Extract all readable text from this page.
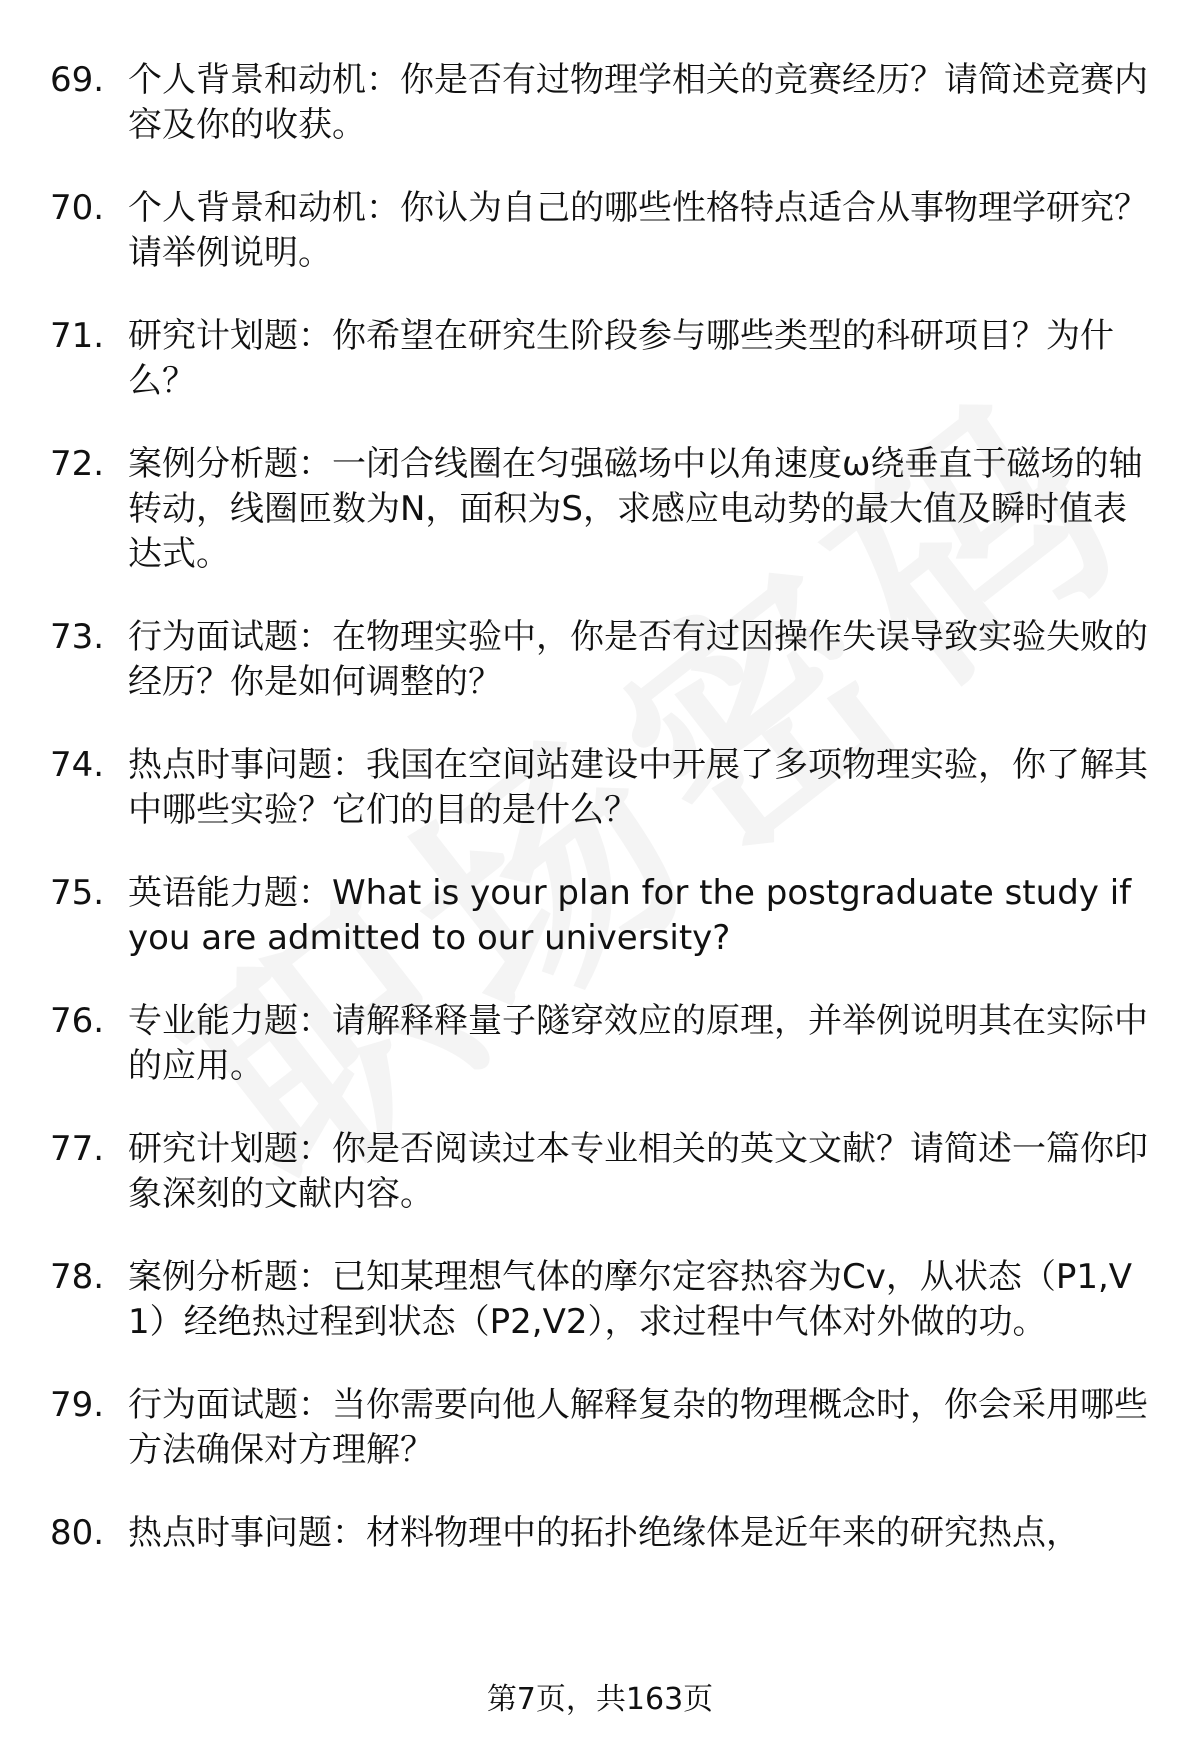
69. 个人背景和动机：你是否有过物理学相关的竞赛经历？请简述竞赛内容及你的收获。
70. 个人背景和动机：你认为自己的哪些性格特点适合从事物理学研究？请举例说明。
71. 研究计划题：你希望在研究生阶段参与哪些类型的科研项目？为什么？
72. 案例分析题：一闭合线圈在匀强磁场中以角速度ω绕垂直于磁场的轴转动，线圈匝数为N，面积为S，求感应电动势的最大值及瞬时值表达式。
73. 行为面试题：在物理实验中，你是否有过因操作失误导致实验失败的经历？你是如何调整的？
74. 热点时事问题：我国在空间站建设中开展了多项物理实验，你了解其中哪些实验？它们的目的是什么？
75. 英语能力题：What is your plan for the postgraduate study if you are admitted to our university?
76. 专业能力题：请解释释量子隧穿效应的原理，并举例说明其在实际中的应用。
77. 研究计划题：你是否阅读过本专业相关的英文文献？请简述一篇你印象深刻的文献内容。
78. 案例分析题：已知某理想气体的摩尔定容热容为Cv，从状态（P1,V1）经绝热过程到状态（P2,V2），求过程中气体对外做的功。
79. 行为面试题：当你需要向他人解释复杂的物理概念时，你会采用哪些方法确保对方理解？
80. 热点时事问题：材料物理中的拓扑绝缘体是近年来的研究热点，
第7页，共163页
